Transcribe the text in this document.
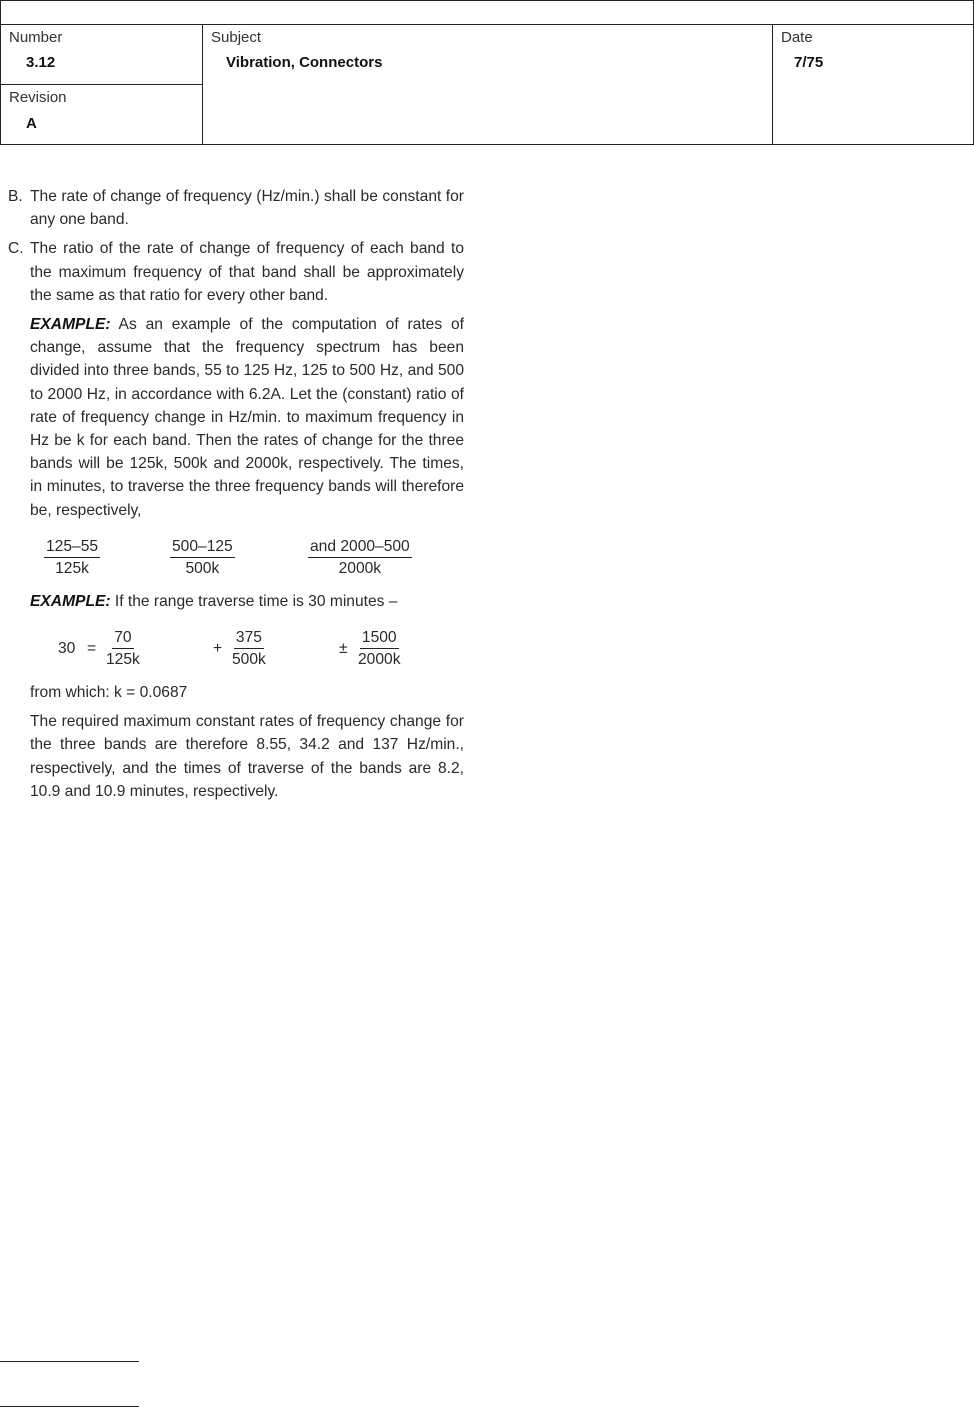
Number
3.12
Revision
A
Subject
Vibration, Connectors
Date
7/75
B. The rate of change of frequency (Hz/min.) shall be constant for any one band.
C. The ratio of the rate of change of frequency of each band to the maximum frequency of that band shall be approximately the same as that ratio for every other band.
EXAMPLE: As an example of the computation of rates of change, assume that the frequency spectrum has been divided into three bands, 55 to 125 Hz, 125 to 500 Hz, and 500 to 2000 Hz, in accordance with 6.2A. Let the (constant) ratio of rate of frequency change in Hz/min. to maximum frequency in Hz be k for each band. Then the rates of change for the three bands will be 125k, 500k and 2000k, respectively. The times, in minutes, to traverse the three frequency bands will therefore be, respectively,
$\frac{125-55}{125k}$	$\frac{500-125}{500k}$	and 2000–500
2000k
EXAMPLE: If the range traverse time is 30 minutes –
$30 = \frac{70}{125k}$	+ $\frac{375}{500k}$	± $\frac{1500}{2000k}$
from which: k = 0.0687
The required maximum constant rates of frequency change for the three bands are therefore 8.55, 34.2 and 137 Hz/min., respectively, and the times of traverse of the bands are 8.2, 10.9 and 10.9 minutes, respectively.
